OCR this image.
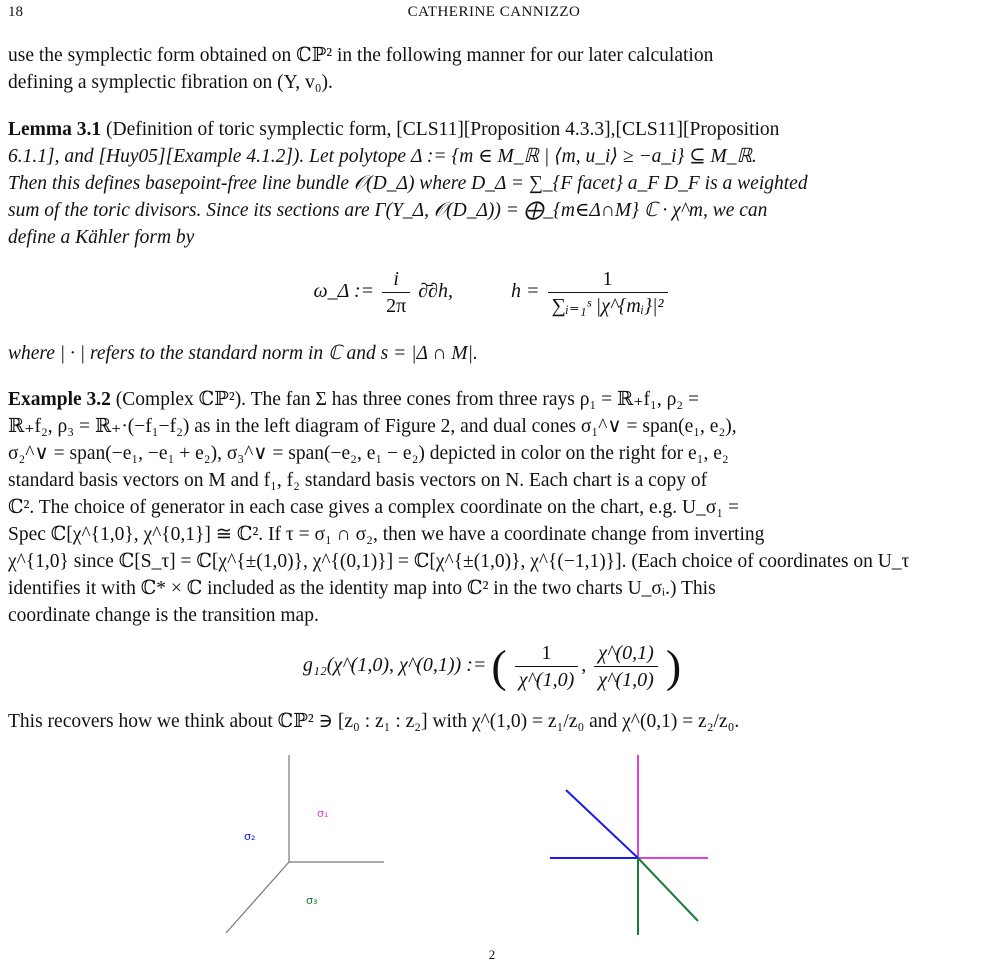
18	CATHERINE CANNIZZO
use the symplectic form obtained on ℂℙ² in the following manner for our later calculation
defining a symplectic fibration on (Y, v₀).
Lemma 3.1 (Definition of toric symplectic form, [CLS11][Proposition 4.3.3],[CLS11][Proposition
6.1.1], and [Huy05][Example 4.1.2]). Let polytope Δ := {m ∈ M_ℝ | ⟨m, u_i⟩ ≥ −a_i} ⊆ M_ℝ.
Then this defines basepoint-free line bundle 𝒪(D_Δ) where D_Δ = ∑_{F facet} a_F D_F is a weighted
sum of the toric divisors. Since its sections are Γ(Y_Δ, 𝒪(D_Δ)) = ⨁_{m∈Δ∩M} ℂ · χ^m, we can
define a Kähler form by
ω_Δ := $\frac{i}{2\pi}$ ∂̄∂h,	$h = \frac{1}{\text{∑ᵢ₌₁ˢ |χ\textasciicircum{}\{mᵢ\}|²}}$
where | · | refers to the standard norm in ℂ and s = |Δ ∩ M|.
Example 3.2 (Complex ℂℙ²). The fan Σ has three cones from three rays ρ₁ = ℝ₊f₁, ρ₂ =
ℝ₊f₂, ρ₃ = ℝ₊·(−f₁−f₂) as in the left diagram of Figure 2, and dual cones σ₁^∨ = span(e₁, e₂),
σ₂^∨ = span(−e₁, −e₁ + e₂), σ₃^∨ = span(−e₂, e₁ − e₂) depicted in color on the right for e₁, e₂
standard basis vectors on M and f₁, f₂ standard basis vectors on N. Each chart is a copy of
ℂ². The choice of generator in each case gives a complex coordinate on the chart, e.g. U_σ₁ =
Spec ℂ[χ^{1,0}, χ^{0,1}] ≅ ℂ². If τ = σ₁ ∩ σ₂, then we have a coordinate change from inverting
χ^{1,0} since ℂ[S_τ] = ℂ[χ^{±(1,0)}, χ^{(0,1)}] = ℂ[χ^{±(1,0)}, χ^{(−1,1)}]. (Each choice of coordinates on U_τ
identifies it with ℂ* × ℂ included as the identity map into ℂ² in the two charts U_σᵢ.) This
coordinate change is the transition map.
g₁₂(χ^(1,0), χ^(0,1)) := ( $\frac{1}{\chi\^{}(1,0)}$ , $\frac{\chi\^{}(0,1)}{\chi\^{}(1,0)}$ )
This recovers how we think about ℂℙ² ∋ [z₀ : z₁ : z₂] with χ^(1,0) = z₁/z₀ and χ^(0,1) = z₂/z₀.
σ₁
σ₂
σ₃
$^2$
